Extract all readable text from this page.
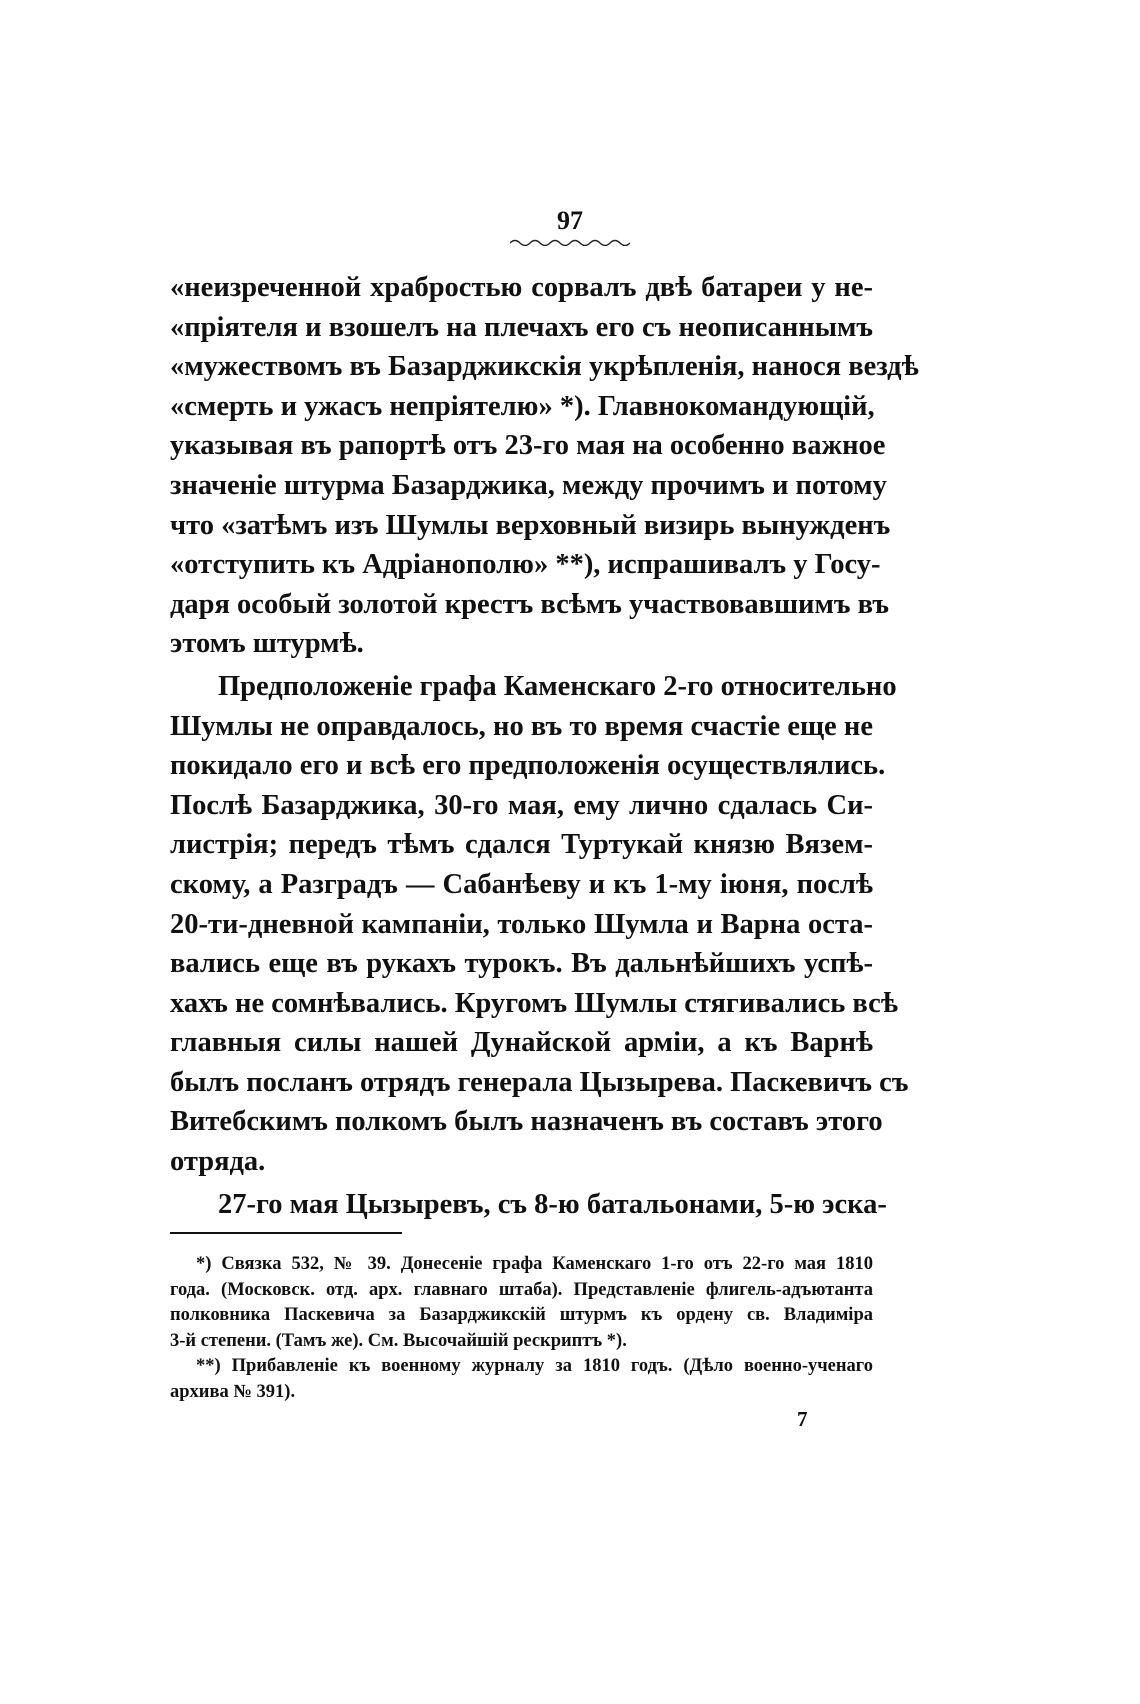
97
«неизреченной храбростью сорвалъ двѣ батареи у не-
«пріятеля и взошелъ на плечахъ его съ неописаннымъ
«мужествомъ въ Базарджикскія укрѣпленія, нанося вездѣ
«смерть и ужасъ непріятелю» *). Главнокомандующій,
указывая въ рапортѣ отъ 23-го мая на особенно важное
значеніе штурма Базарджика, между прочимъ и потому
что «затѣмъ изъ Шумлы верховный визирь вынужденъ
«отступить къ Адріанополю» **), испрашивалъ у Госу-
даря особый золотой крестъ всѣмъ участвовавшимъ въ
этомъ штурмѣ.
Предположеніе графа Каменскаго 2-го относительно
Шумлы не оправдалось, но въ то время счастіе еще не
покидало его и всѣ его предположенія осуществлялись.
Послѣ Базарджика, 30-го мая, ему лично сдалась Си-
листрія; передъ тѣмъ сдался Туртукай князю Вязем-
скому, а Разградъ — Сабанѣеву и къ 1-му іюня, послѣ
20-ти-дневной кампаніи, только Шумла и Варна оста-
вались еще въ рукахъ турокъ. Въ дальнѣйшихъ успѣ-
хахъ не сомнѣвались. Кругомъ Шумлы стягивались всѣ
главныя силы нашей Дунайской арміи, а къ Варнѣ
былъ посланъ отрядъ генерала Цызырева. Паскевичъ съ
Витебскимъ полкомъ былъ назначенъ въ составъ этого
отряда.
27-го мая Цызыревъ, съ 8-ю батальонами, 5-ю эска-
*) Связка 532, № 39. Донесеніе графа Каменскаго 1-го отъ 22-го мая 1810
года. (Московск. отд. арх. главнаго штаба). Представленіе флигель-адъютанта
полковника Паскевича за Базарджикскій штурмъ къ ордену св. Владиміра
3-й степени. (Тамъ же). См. Высочайшій рескриптъ *).
**) Прибавленіе къ военному журналу за 1810 годъ. (Дѣло военно-ученаго
архива № 391).
7
